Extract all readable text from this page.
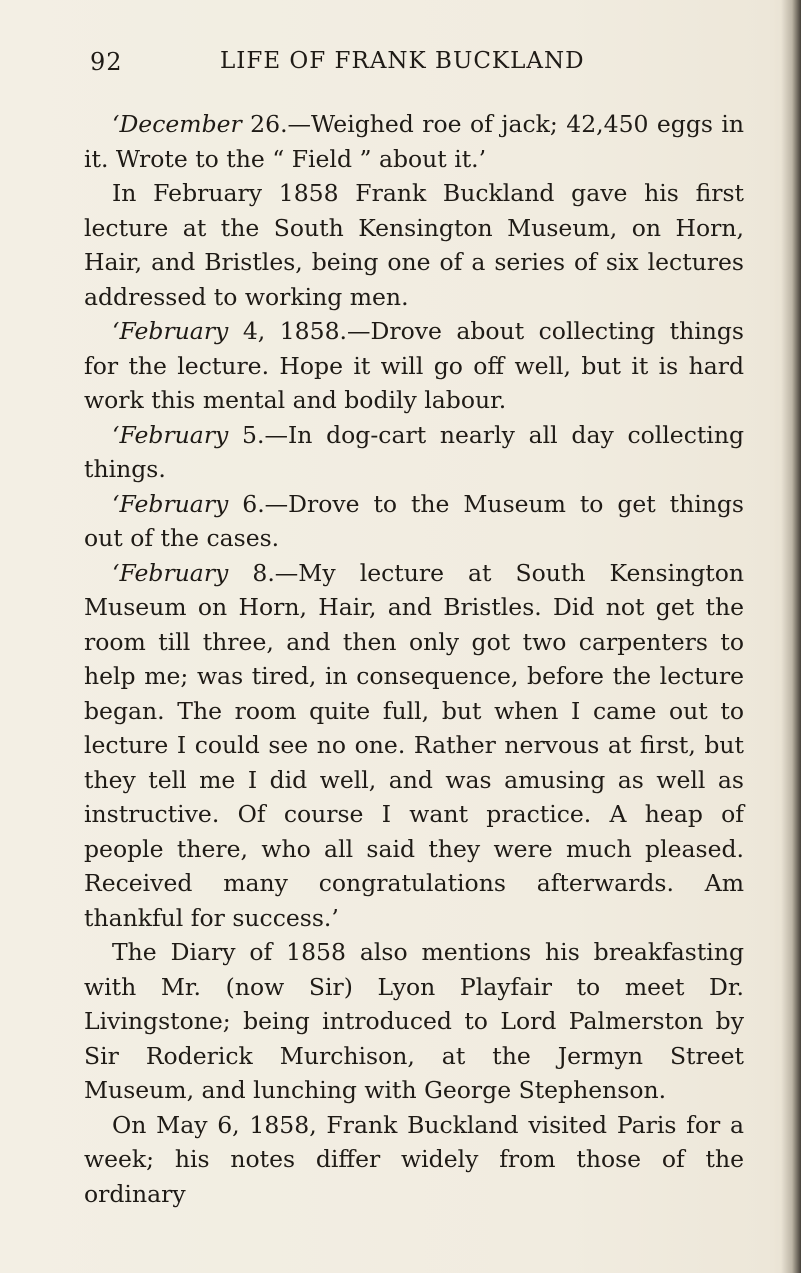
92	LIFE OF FRANK BUCKLAND

‘December 26.—Weighed roe of jack; 42,450 eggs in it. Wrote to the “ Field ” about it.’

In February 1858 Frank Buckland gave his first lecture at the South Kensington Museum, on Horn, Hair, and Bristles, being one of a series of six lectures addressed to working men.

‘February 4, 1858.—Drove about collecting things for the lecture. Hope it will go off well, but it is hard work this mental and bodily labour.

‘February 5.—In dog-cart nearly all day collecting things.

‘February 6.—Drove to the Museum to get things out of the cases.

‘February 8.—My lecture at South Kensington Museum on Horn, Hair, and Bristles. Did not get the room till three, and then only got two carpenters to help me; was tired, in consequence, before the lecture began. The room quite full, but when I came out to lecture I could see no one. Rather nervous at first, but they tell me I did well, and was amusing as well as instructive. Of course I want practice. A heap of people there, who all said they were much pleased. Received many congratulations afterwards. Am thankful for success.’

The Diary of 1858 also mentions his breakfasting with Mr. (now Sir) Lyon Playfair to meet Dr. Livingstone; being introduced to Lord Palmerston by Sir Roderick Murchison, at the Jermyn Street Museum, and lunching with George Stephenson.

On May 6, 1858, Frank Buckland visited Paris for a week; his notes differ widely from those of the ordinary
